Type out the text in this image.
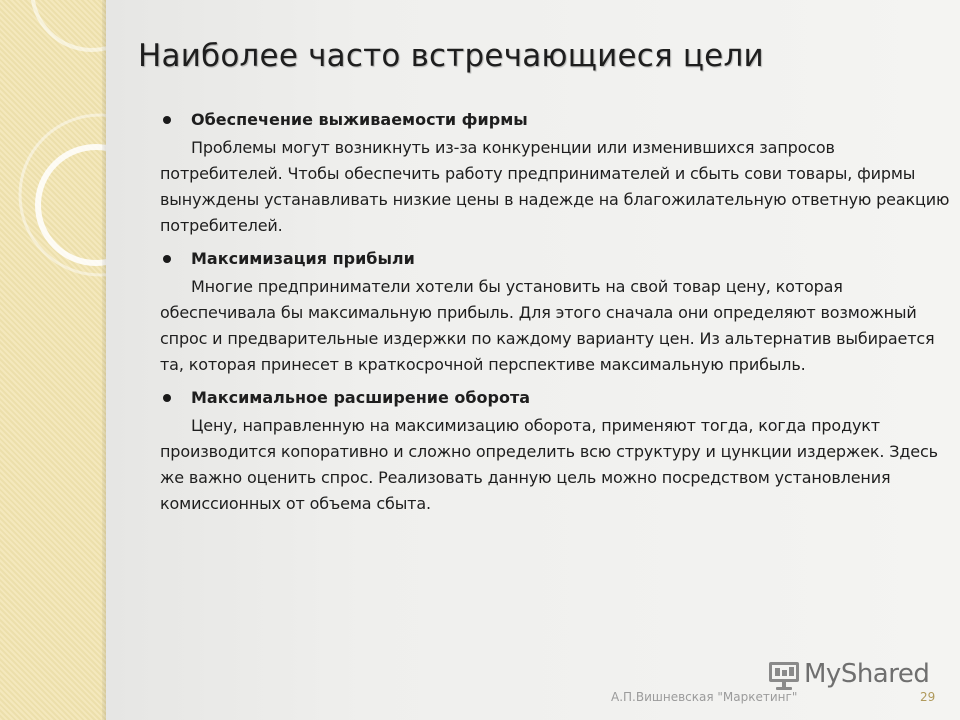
Наиболее часто встречающиеся цели
Обеспечение выживаемости фирмы

Проблемы могут возникнуть из-за конкуренции или изменившихся запросов потребителей. Чтобы обеспечить работу предпринимателей и сбыть сови товары, фирмы вынуждены устанавливать низкие цены в надежде на благожилательную ответную реакцию потребителей.

Максимизация прибыли

Многие предприниматели хотели бы установить на свой товар цену, которая обеспечивала бы максимальную прибыль. Для этого сначала они определяют возможный спрос и предварительные издержки по каждому варианту цен. Из альтернатив выбирается та, которая принесет в краткосрочной перспективе максимальную прибыль.

Максимальное расширение оборота

Цену, направленную на максимизацию оборота, применяют тогда, когда продукт производится копоративно и сложно определить всю структуру и цункции издержек. Здесь же важно оценить спрос. Реализовать данную цель можно посредством установления комиссионных от объема сбыта.

MyShared
А.П.Вишневская "Маркетинг"	29
